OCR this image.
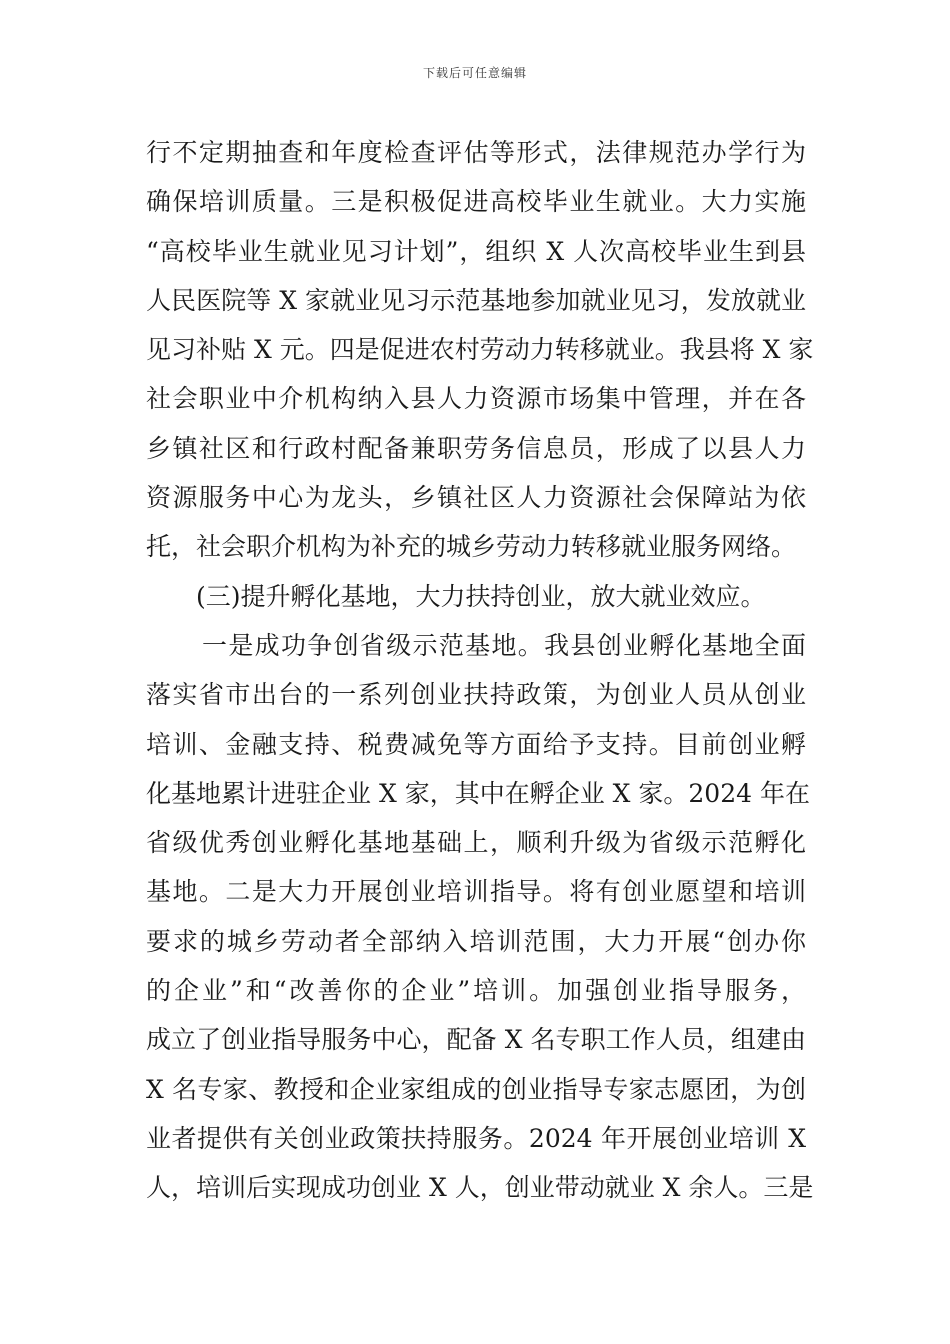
下载后可任意编辑
行不定期抽查和年度检查评估等形式，法律规范办学行为
确保培训质量。三是积极促进高校毕业生就业。大力实施
“高校毕业生就业见习计划”，组织 X 人次高校毕业生到县
人民医院等 X 家就业见习示范基地参加就业见习，发放就业
见习补贴 X 元。四是促进农村劳动力转移就业。我县将 X 家
社会职业中介机构纳入县人力资源市场集中管理，并在各
乡镇社区和行政村配备兼职劳务信息员，形成了以县人力
资源服务中心为龙头，乡镇社区人力资源社会保障站为依
托，社会职介机构为补充的城乡劳动力转移就业服务网络。
(三)提升孵化基地，大力扶持创业，放大就业效应。
一是成功争创省级示范基地。我县创业孵化基地全面
落实省市出台的一系列创业扶持政策，为创业人员从创业
培训、金融支持、税费减免等方面给予支持。目前创业孵
化基地累计进驻企业 X 家，其中在孵企业 X 家。2024 年在
省级优秀创业孵化基地基础上，顺利升级为省级示范孵化
基地。二是大力开展创业培训指导。将有创业愿望和培训
要求的城乡劳动者全部纳入培训范围，大力开展“创办你
的企业”和“改善你的企业”培训。加强创业指导服务，
成立了创业指导服务中心，配备 X 名专职工作人员，组建由
X 名专家、教授和企业家组成的创业指导专家志愿团，为创
业者提供有关创业政策扶持服务。2024 年开展创业培训 X
人，培训后实现成功创业 X 人，创业带动就业 X 余人。三是
